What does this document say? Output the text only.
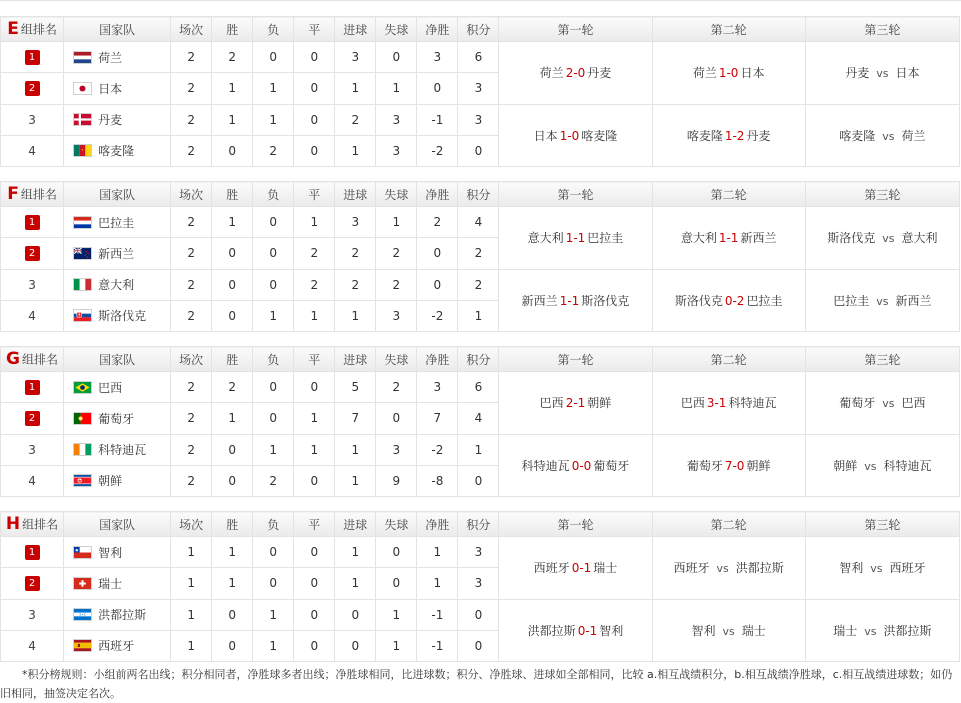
E 组排名	国家队	场次	胜	负	平	进球	失球	净胜	积分	第一轮	第二轮	第三轮
1	荷兰	2	2	0	0	3	0	3	6	荷兰 2-0 丹麦	荷兰 1-0 日本	丹麦 vs 日本
2	日本	2	1	1	0	1	1	0	3			
3	丹麦	2	1	1	0	2	3	-1	3	日本 1-0 喀麦隆	喀麦隆 1-2 丹麦	喀麦隆 vs 荷兰
4	喀麦隆	2	0	2	0	1	3	-2	0			
F 组排名	国家队	场次	胜	负	平	进球	失球	净胜	积分	第一轮	第二轮	第三轮
1	巴拉圭	2	1	0	1	3	1	2	4	意大利 1-1 巴拉圭	意大利 1-1 新西兰	斯洛伐克 vs 意大利
2	新西兰	2	0	0	2	2	2	0	2			
3	意大利	2	0	0	2	2	2	0	2	新西兰 1-1 斯洛伐克	斯洛伐克 0-2 巴拉圭	巴拉圭 vs 新西兰
4	斯洛伐克	2	0	1	1	1	3	-2	1			
G 组排名	国家队	场次	胜	负	平	进球	失球	净胜	积分	第一轮	第二轮	第三轮
1	巴西	2	2	0	0	5	2	3	6	巴西 2-1 朝鲜	巴西 3-1 科特迪瓦	葡萄牙 vs 巴西
2	葡萄牙	2	1	0	1	7	0	7	4			
3	科特迪瓦	2	0	1	1	1	3	-2	1	科特迪瓦 0-0 葡萄牙	葡萄牙 7-0 朝鲜	朝鲜 vs 科特迪瓦
4	朝鲜	2	0	2	0	1	9	-8	0			
H 组排名	国家队	场次	胜	负	平	进球	失球	净胜	积分	第一轮	第二轮	第三轮
1	智利	1	1	0	0	1	0	1	3	西班牙 0-1 瑞士	西班牙 vs 洪都拉斯	智利 vs 西班牙
2	瑞士	1	1	0	0	1	0	1	3			
3	洪都拉斯	1	0	1	0	0	1	-1	0	洪都拉斯 0-1 智利	智利 vs 瑞士	瑞士 vs 洪都拉斯
4	西班牙	1	0	1	0	0	1	-1	0			
*积分榜规则：小组前两名出线；积分相同者，净胜球多者出线；净胜球相同，比进球数；积分、净胜球、进球如全部相同，比较 a.相互战绩积分，b.相互战绩净胜球，c.相互战绩进球数；如仍旧相同，抽签决定名次。
